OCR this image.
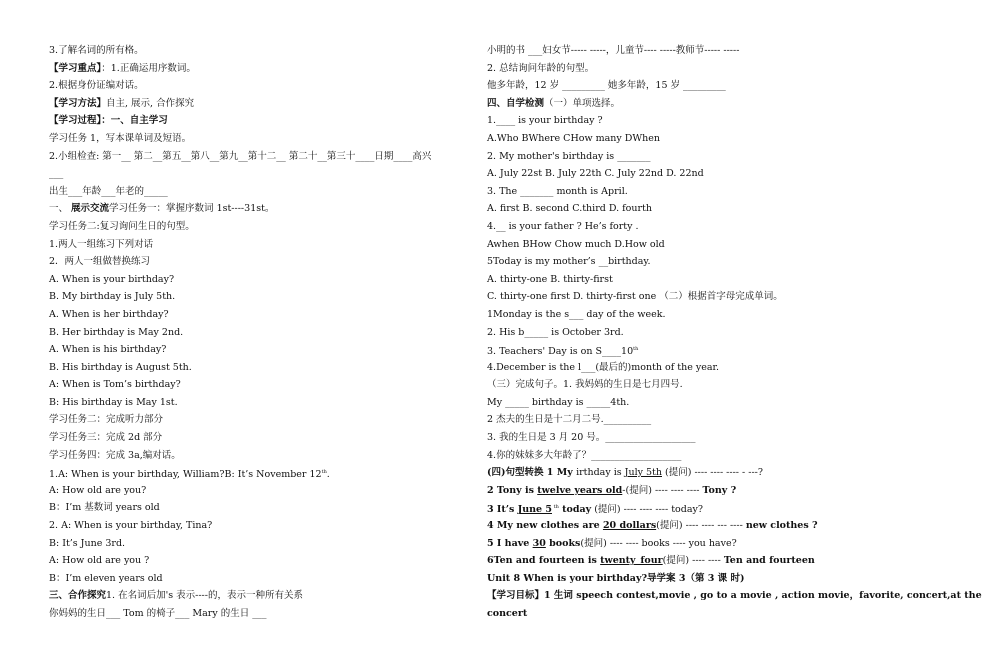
3.了解名词的所有格。
【学习重点】：1.正确运用序数词。
2.根据身份证编对话。
【学习方法】自主, 展示, 合作探究
【学习过程】：一、自主学习
学习任务 1，写本课单词及短语。
2.小组检查: 第一__ 第二__第五__第八__第九__第十二__ 第二十__第三十____日期____高兴
___
出生___年龄___年老的_____
一、 展示交流学习任务一：掌握序数词 1st----31st。
学习任务二:复习询问生日的句型。
1.两人一组练习下列对话
2．两人一组做替换练习
A. When is your birthday?
B. My birthday is July 5th.
A. When is her birthday?
B. Her birthday is May 2nd.
A. When is his birthday?
B. His birthday is August 5th.
A: When is Tom’s birthday?
B: His birthday is May 1st.
学习任务二：完成听力部分
学习任务三：完成 2d 部分
学习任务四：完成 3a,编对话。
1.A: When is your birthday, William?B: It’s November 12th.
A: How old are you?
B：I’m 基数词 years old
2. A: When is your birthday, Tina?
B: It’s June 3rd.
A: How old are you ?
B：I’m eleven years old
三、合作探究1. 在名词后加's 表示----的，表示一种所有关系
你妈妈的生日___ Tom 的椅子___ Mary 的生日 ___
小明的书 ___妇女节----- -----，儿童节---- -----教师节----- -----
2. 总结询问年龄的句型。
他多年龄，12 岁 _________ 她多年龄，15 岁 _________
四、自学检测（一）单项选择。
1.____ is your birthday ?
A.Who BWhere CHow many DWhen
2. My mother's birthday is _______
A. July 22st B. July 22th C. July 22nd D. 22nd
3. The _______ month is April.
A. first B. second C.third D. fourth
4.__ is your father ? He’s forty .
Awhen BHow Chow much D.How old
5Today is my mother’s __birthday.
A. thirty-one B. thirty-first
C. thirty-one first D. thirty-first one （二）根据首字母完成单词。
1Monday is the s___ day of the week.
2. His b_____ is October 3rd.
3. Teachers' Day is on S____10th
4.December is the l___(最后的)month of the year.
（三）完成句子。1. 我妈妈的生日是七月四号.
My _____ birthday is _____4th.
2 杰夫的生日是十二月二号.__________
3. 我的生日是 3 月 20 号。___________________
4.你的妹妹多大年龄了？___________________
(四)句型转换 1 My irthday is July 5th (提问) ---- ---- ---- - ---?
2 Tony is twelve years old-(提问) ---- ---- ---- Tony ?
3 It’s June 5 $^{th}$ today (提问) ---- ---- ---- today?
4 My new clothes are 20 dollars(提问) ---- ---- --- ---- new clothes ?
5 I have 30 books(提问) ---- ---- books ---- you have?
6Ten and fourteen is twenty_four(提问) ---- ---- Ten and fourteen
Unit 8 When is your birthday?导学案 3（第 3 课 时)
【学习目标】1 生词 speech contest,movie , go to a movie , action movie，favorite, concert,at the
concert
